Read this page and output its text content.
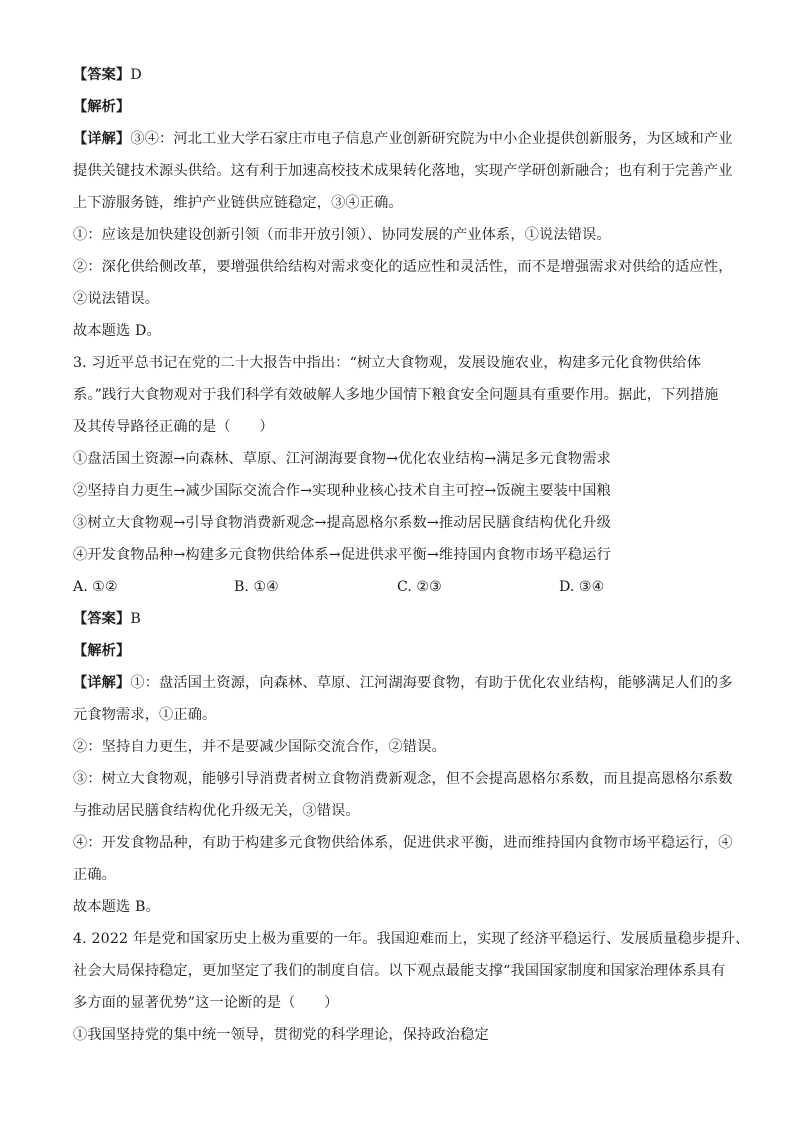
【答案】D
【解析】
【详解】③④：河北工业大学石家庄市电子信息产业创新研究院为中小企业提供创新服务，为区域和产业
提供关键技术源头供给。这有利于加速高校技术成果转化落地，实现产学研创新融合；也有利于完善产业
上下游服务链，维护产业链供应链稳定，③④正确。
①：应该是加快建设创新引领（而非开放引领）、协同发展的产业体系，①说法错误。
②：深化供给侧改革，要增强供给结构对需求变化的适应性和灵活性，而不是增强需求对供给的适应性，
②说法错误。
故本题选 D。
3. 习近平总书记在党的二十大报告中指出：“树立大食物观，发展设施农业，构建多元化食物供给体
系。”践行大食物观对于我们科学有效破解人多地少国情下粮食安全问题具有重要作用。据此，下列措施
及其传导路径正确的是（　　）
①盘活国土资源→向森林、草原、江河湖海要食物→优化农业结构→满足多元食物需求
②坚持自力更生→减少国际交流合作→实现种业核心技术自主可控→饭碗主要装中国粮
③树立大食物观→引导食物消费新观念→提高恩格尔系数→推动居民膳食结构优化升级
④开发食物品种→构建多元食物供给体系→促进供求平衡→维持国内食物市场平稳运行
A. ①②	B. ①④	C. ②③	D. ③④
【答案】B
【解析】
【详解】①：盘活国土资源，向森林、草原、江河湖海要食物，有助于优化农业结构，能够满足人们的多
元食物需求，①正确。
②：坚持自力更生，并不是要减少国际交流合作，②错误。
③：树立大食物观，能够引导消费者树立食物消费新观念，但不会提高恩格尔系数，而且提高恩格尔系数
与推动居民膳食结构优化升级无关，③错误。
④：开发食物品种，有助于构建多元食物供给体系，促进供求平衡，进而维持国内食物市场平稳运行，④
正确。
故本题选 B。
4. 2022 年是党和国家历史上极为重要的一年。我国迎难而上，实现了经济平稳运行、发展质量稳步提升、
社会大局保持稳定，更加坚定了我们的制度自信。以下观点最能支撑“我国国家制度和国家治理体系具有
多方面的显著优势”这一论断的是（　　）
①我国坚持党的集中统一领导，贯彻党的科学理论，保持政治稳定
